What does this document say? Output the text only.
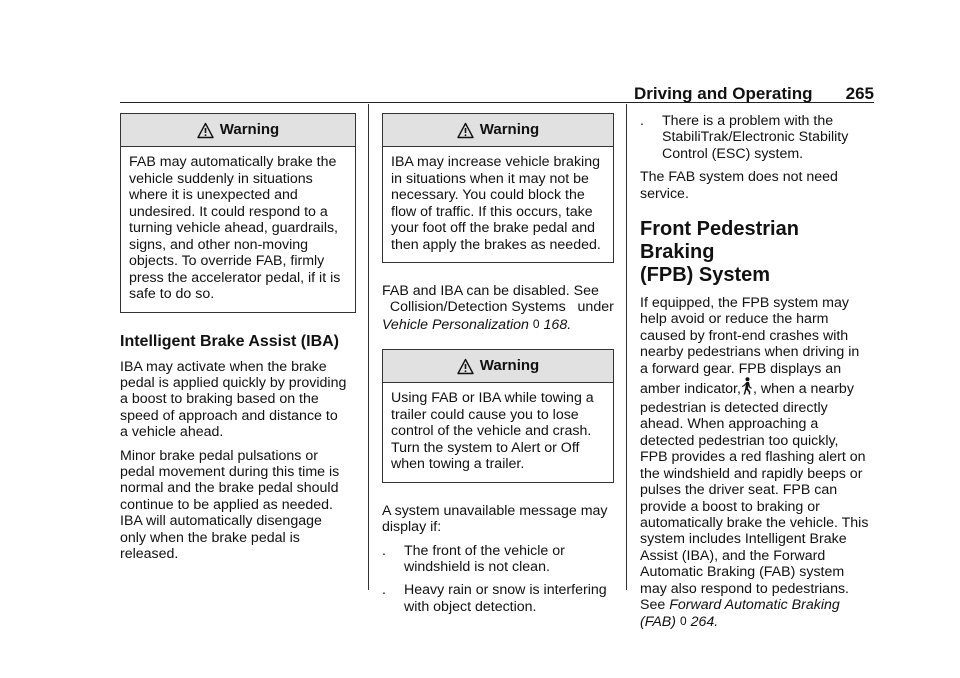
Driving and Operating 265
Warning

FAB may automatically brake the

vehicle suddenly in situations

where it is unexpected and

undesired. It could respond to a

turning vehicle ahead, guardrails,

signs, and other non-moving

objects. To override FAB, firmly

press the accelerator pedal, if it is

safe to do so.

Intelligent Brake Assist (IBA)

IBA may activate when the brake

pedal is applied quickly by providing

a boost to braking based on the

speed of approach and distance to

a vehicle ahead.

Minor brake pedal pulsations or

pedal movement during this time is

normal and the brake pedal should

continue to be applied as needed.

IBA will automatically disengage

only when the brake pedal is

released.

Warning

IBA may increase vehicle braking

in situations when it may not be

necessary. You could block the

flow of traffic. If this occurs, take

your foot off the brake pedal and

then apply the brakes as needed.

FAB and IBA can be disabled. See

Collision/Detection Systems   under

Vehicle Personalization 0 168.

Warning

Using FAB or IBA while towing a

trailer could cause you to lose

control of the vehicle and crash.

Turn the system to Alert or Off

when towing a trailer.

A system unavailable message may

display if:

.	The front of the vehicle or

windshield is not clean.

.	Heavy rain or snow is interfering

with object detection.

.	There is a problem with the

StabiliTrak/Electronic Stability

Control (ESC) system.

The FAB system does not need

service.

Front Pedestrian Braking

(FPB) System

If equipped, the FPB system may

help avoid or reduce the harm

caused by front-end crashes with

nearby pedestrians when driving in

a forward gear. FPB displays an

amber indicator, , when a nearby

pedestrian is detected directly

ahead. When approaching a

detected pedestrian too quickly,

FPB provides a red flashing alert on

the windshield and rapidly beeps or

pulses the driver seat. FPB can

provide a boost to braking or

automatically brake the vehicle. This

system includes Intelligent Brake

Assist (IBA), and the Forward

Automatic Braking (FAB) system

may also respond to pedestrians.

See Forward Automatic Braking

(FAB) 0 264.
